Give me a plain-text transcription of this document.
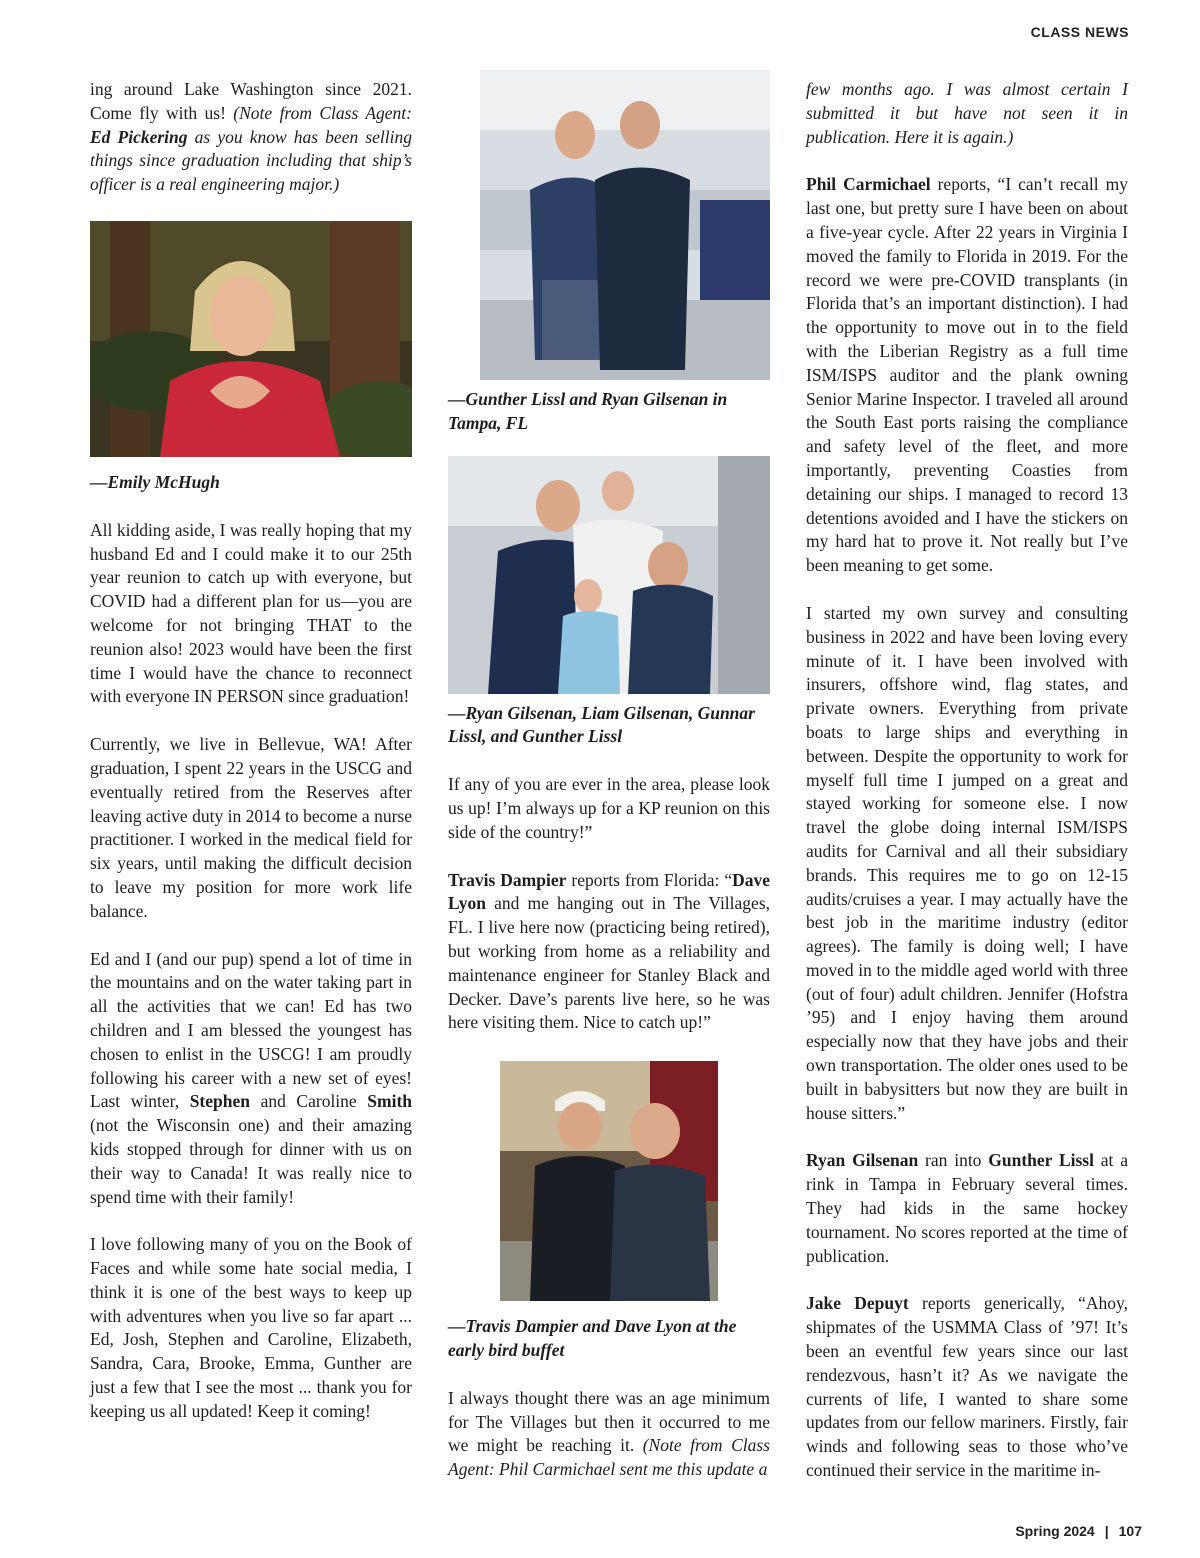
CLASS NEWS

ing around Lake Washington since 2021. Come fly with us! (Note from Class Agent: Ed Pickering as you know has been selling things since graduation including that ship’s officer is a real engineering major.)

—Emily McHugh

All kidding aside, I was really hoping that my husband Ed and I could make it to our 25th year reunion to catch up with everyone, but COVID had a different plan for us—you are welcome for not bringing THAT to the reunion also! 2023 would have been the first time I would have the chance to reconnect with everyone IN PERSON since graduation!

Currently, we live in Bellevue, WA! After graduation, I spent 22 years in the USCG and eventually retired from the Reserves after leaving active duty in 2014 to become a nurse practitioner. I worked in the medical field for six years, until making the difficult decision to leave my position for more work life balance.

Ed and I (and our pup) spend a lot of time in the mountains and on the water taking part in all the activities that we can! Ed has two children and I am blessed the youngest has chosen to enlist in the USCG! I am proudly following his career with a new set of eyes! Last winter, Stephen and Caroline Smith (not the Wisconsin one) and their amazing kids stopped through for dinner with us on their way to Canada! It was really nice to spend time with their family!

I love following many of you on the Book of Faces and while some hate social media, I think it is one of the best ways to keep up with adventures when you live so far apart ... Ed, Josh, Stephen and Caroline, Elizabeth, Sandra, Cara, Brooke, Emma, Gunther are just a few that I see the most ... thank you for keeping us all updated! Keep it coming!

—Gunther Lissl and Ryan Gilsenan in Tampa, FL

—Ryan Gilsenan, Liam Gilsenan, Gunnar Lissl, and Gunther Lissl

If any of you are ever in the area, please look us up! I’m always up for a KP reunion on this side of the country!”

Travis Dampier reports from Florida: “Dave Lyon and me hanging out in The Villages, FL. I live here now (practicing being retired), but working from home as a reliability and maintenance engineer for Stanley Black and Decker. Dave’s parents live here, so he was here visiting them. Nice to catch up!”

—Travis Dampier and Dave Lyon at the early bird buffet

I always thought there was an age minimum for The Villages but then it occurred to me we might be reaching it. (Note from Class Agent: Phil Carmichael sent me this update a

few months ago. I was almost certain I submitted it but have not seen it in publication. Here it is again.)

Phil Carmichael reports, “I can’t recall my last one, but pretty sure I have been on about a five-year cycle. After 22 years in Virginia I moved the family to Florida in 2019. For the record we were pre-COVID transplants (in Florida that’s an important distinction). I had the opportunity to move out in to the field with the Liberian Registry as a full time ISM/ISPS auditor and the plank owning Senior Marine Inspector. I traveled all around the South East ports raising the compliance and safety level of the fleet, and more importantly, preventing Coasties from detaining our ships. I managed to record 13 detentions avoided and I have the stickers on my hard hat to prove it. Not really but I’ve been meaning to get some.

I started my own survey and consulting business in 2022 and have been loving every minute of it. I have been involved with insurers, offshore wind, flag states, and private owners. Everything from private boats to large ships and everything in between. Despite the opportunity to work for myself full time I jumped on a great and stayed working for someone else. I now travel the globe doing internal ISM/ISPS audits for Carnival and all their subsidiary brands. This requires me to go on 12-15 audits/cruises a year. I may actually have the best job in the maritime industry (editor agrees). The family is doing well; I have moved in to the middle aged world with three (out of four) adult children. Jennifer (Hofstra ’95) and I enjoy having them around especially now that they have jobs and their own transportation. The older ones used to be built in babysitters but now they are built in house sitters.”

Ryan Gilsenan ran into Gunther Lissl at a rink in Tampa in February several times. They had kids in the same hockey tournament. No scores reported at the time of publication.

Jake Depuyt reports generically, “Ahoy, shipmates of the USMMA Class of ’97! It’s been an eventful few years since our last rendezvous, hasn’t it? As we navigate the currents of life, I wanted to share some updates from our fellow mariners. Firstly, fair winds and following seas to those who’ve continued their service in the maritime in-

Spring 2024 | 107
